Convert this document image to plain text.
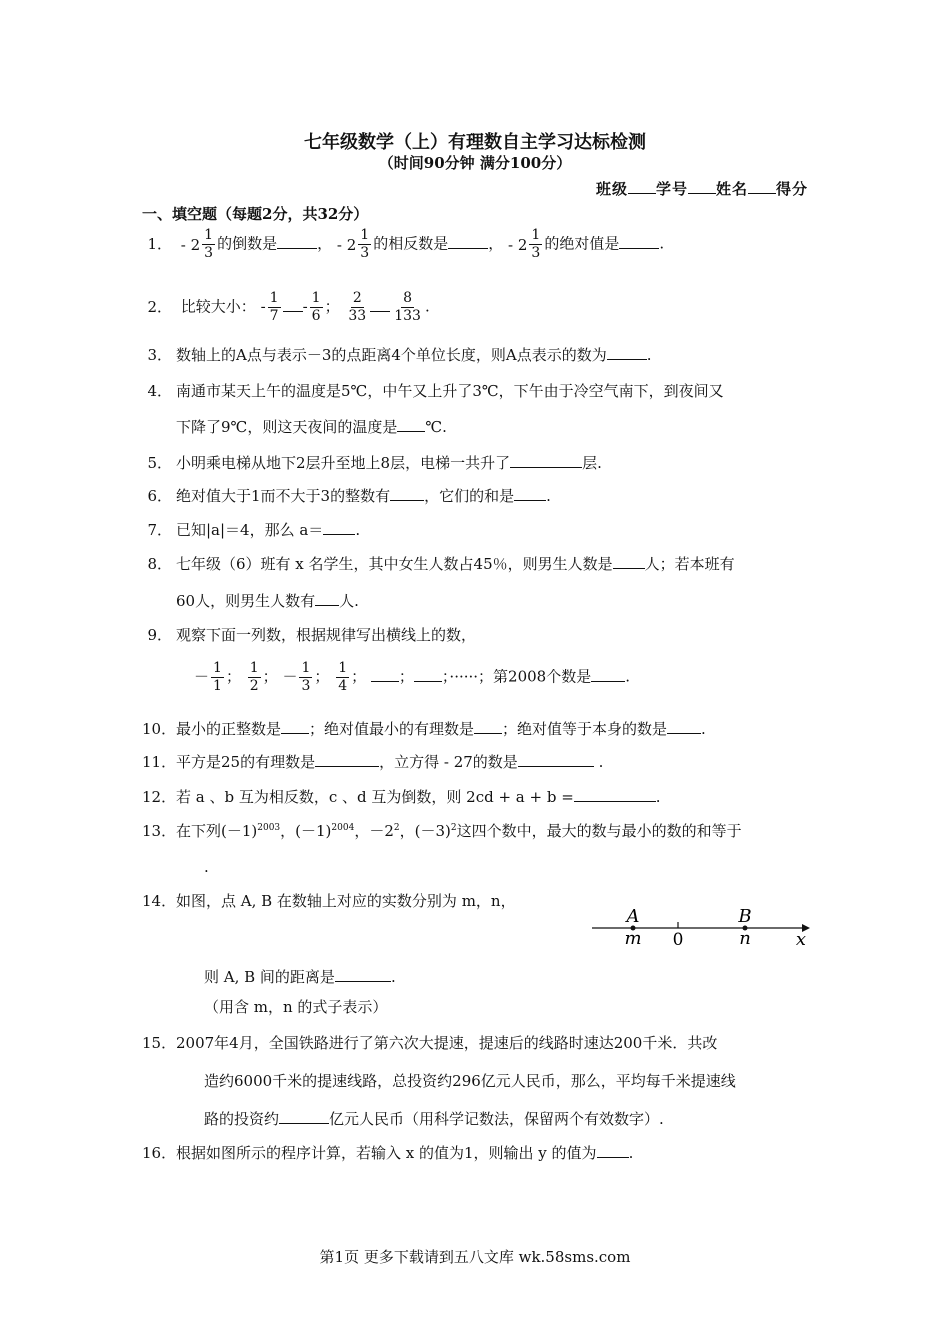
七年级数学（上）有理数自主学习达标检测
（时间90分钟 满分100分）
班级 学号 姓名 得分
一、填空题（每题2分，共32分）
1． - $2 \frac{1}{3}$ 的倒数是	， - $2 \frac{1}{3}$ 的相反数是	， - $2 \frac{1}{3}$ 的绝对值是	.
2． 比较大小： - $\frac{1}{7} - \frac{1}{6}$ ； $\frac{2}{33} \frac{8}{133}$ .
3． 数轴上的A点与表示－3的点距离4个单位长度，则A点表示的数为	.
4． 南通市某天上午的温度是5℃，中午又上升了3℃，下午由于冷空气南下，到夜间又
下降了9℃，则这天夜间的温度是 ℃.
5． 小明乘电梯从地下2层升至地上8层，电梯一共升了	层.
6． 绝对值大于1而不大于3的整数有 ，它们的和是 .
7． 已知|a|＝4，那么 a＝ .
8． 七年级（6）班有 x 名学生，其中女生人数占45％，则男生人数是 人；若本班有
60人，则男生人数有 人.
9． 观察下面一列数，根据规律写出横线上的数，
－ $\frac{1}{1}$ ； $\frac{1}{2}$ ； － $\frac{1}{3}$ ； $\frac{1}{4}$ ； ； ；······；第2008个数是 .
10．最小的正整数是 ；绝对值最小的有理数是 ；绝对值等于本身的数是 .
11．平方是25的有理数是	，立方得 - 27的数是	.
12．若 a 、b 互为相反数，c 、d 互为倒数，则 2cd + a + b =	.
13．在下列$(-1)^{2003}$，$(-1)^{2004}$，$-2^2$，$(-3)^2$这四个数中，最大的数与最小的数的和等于
.
14．如图，点 A, B 在数轴上对应的实数分别为 m，n，
A	B
m	n
0	x
则 A, B 间的距离是	.
（用含 m，n 的式子表示）
15．2007年4月，全国铁路进行了第六次大提速，提速后的线路时速达200千米．共改
造约6000千米的提速线路，总投资约296亿元人民币，那么，平均每千米提速线
路的投资约	亿元人民币（用科学记数法，保留两个有效数字）.
16．根据如图所示的程序计算，若输入 x 的值为1，则输出 y 的值为 .
第1页 更多下载请到五八文库 wk.58sms.com
